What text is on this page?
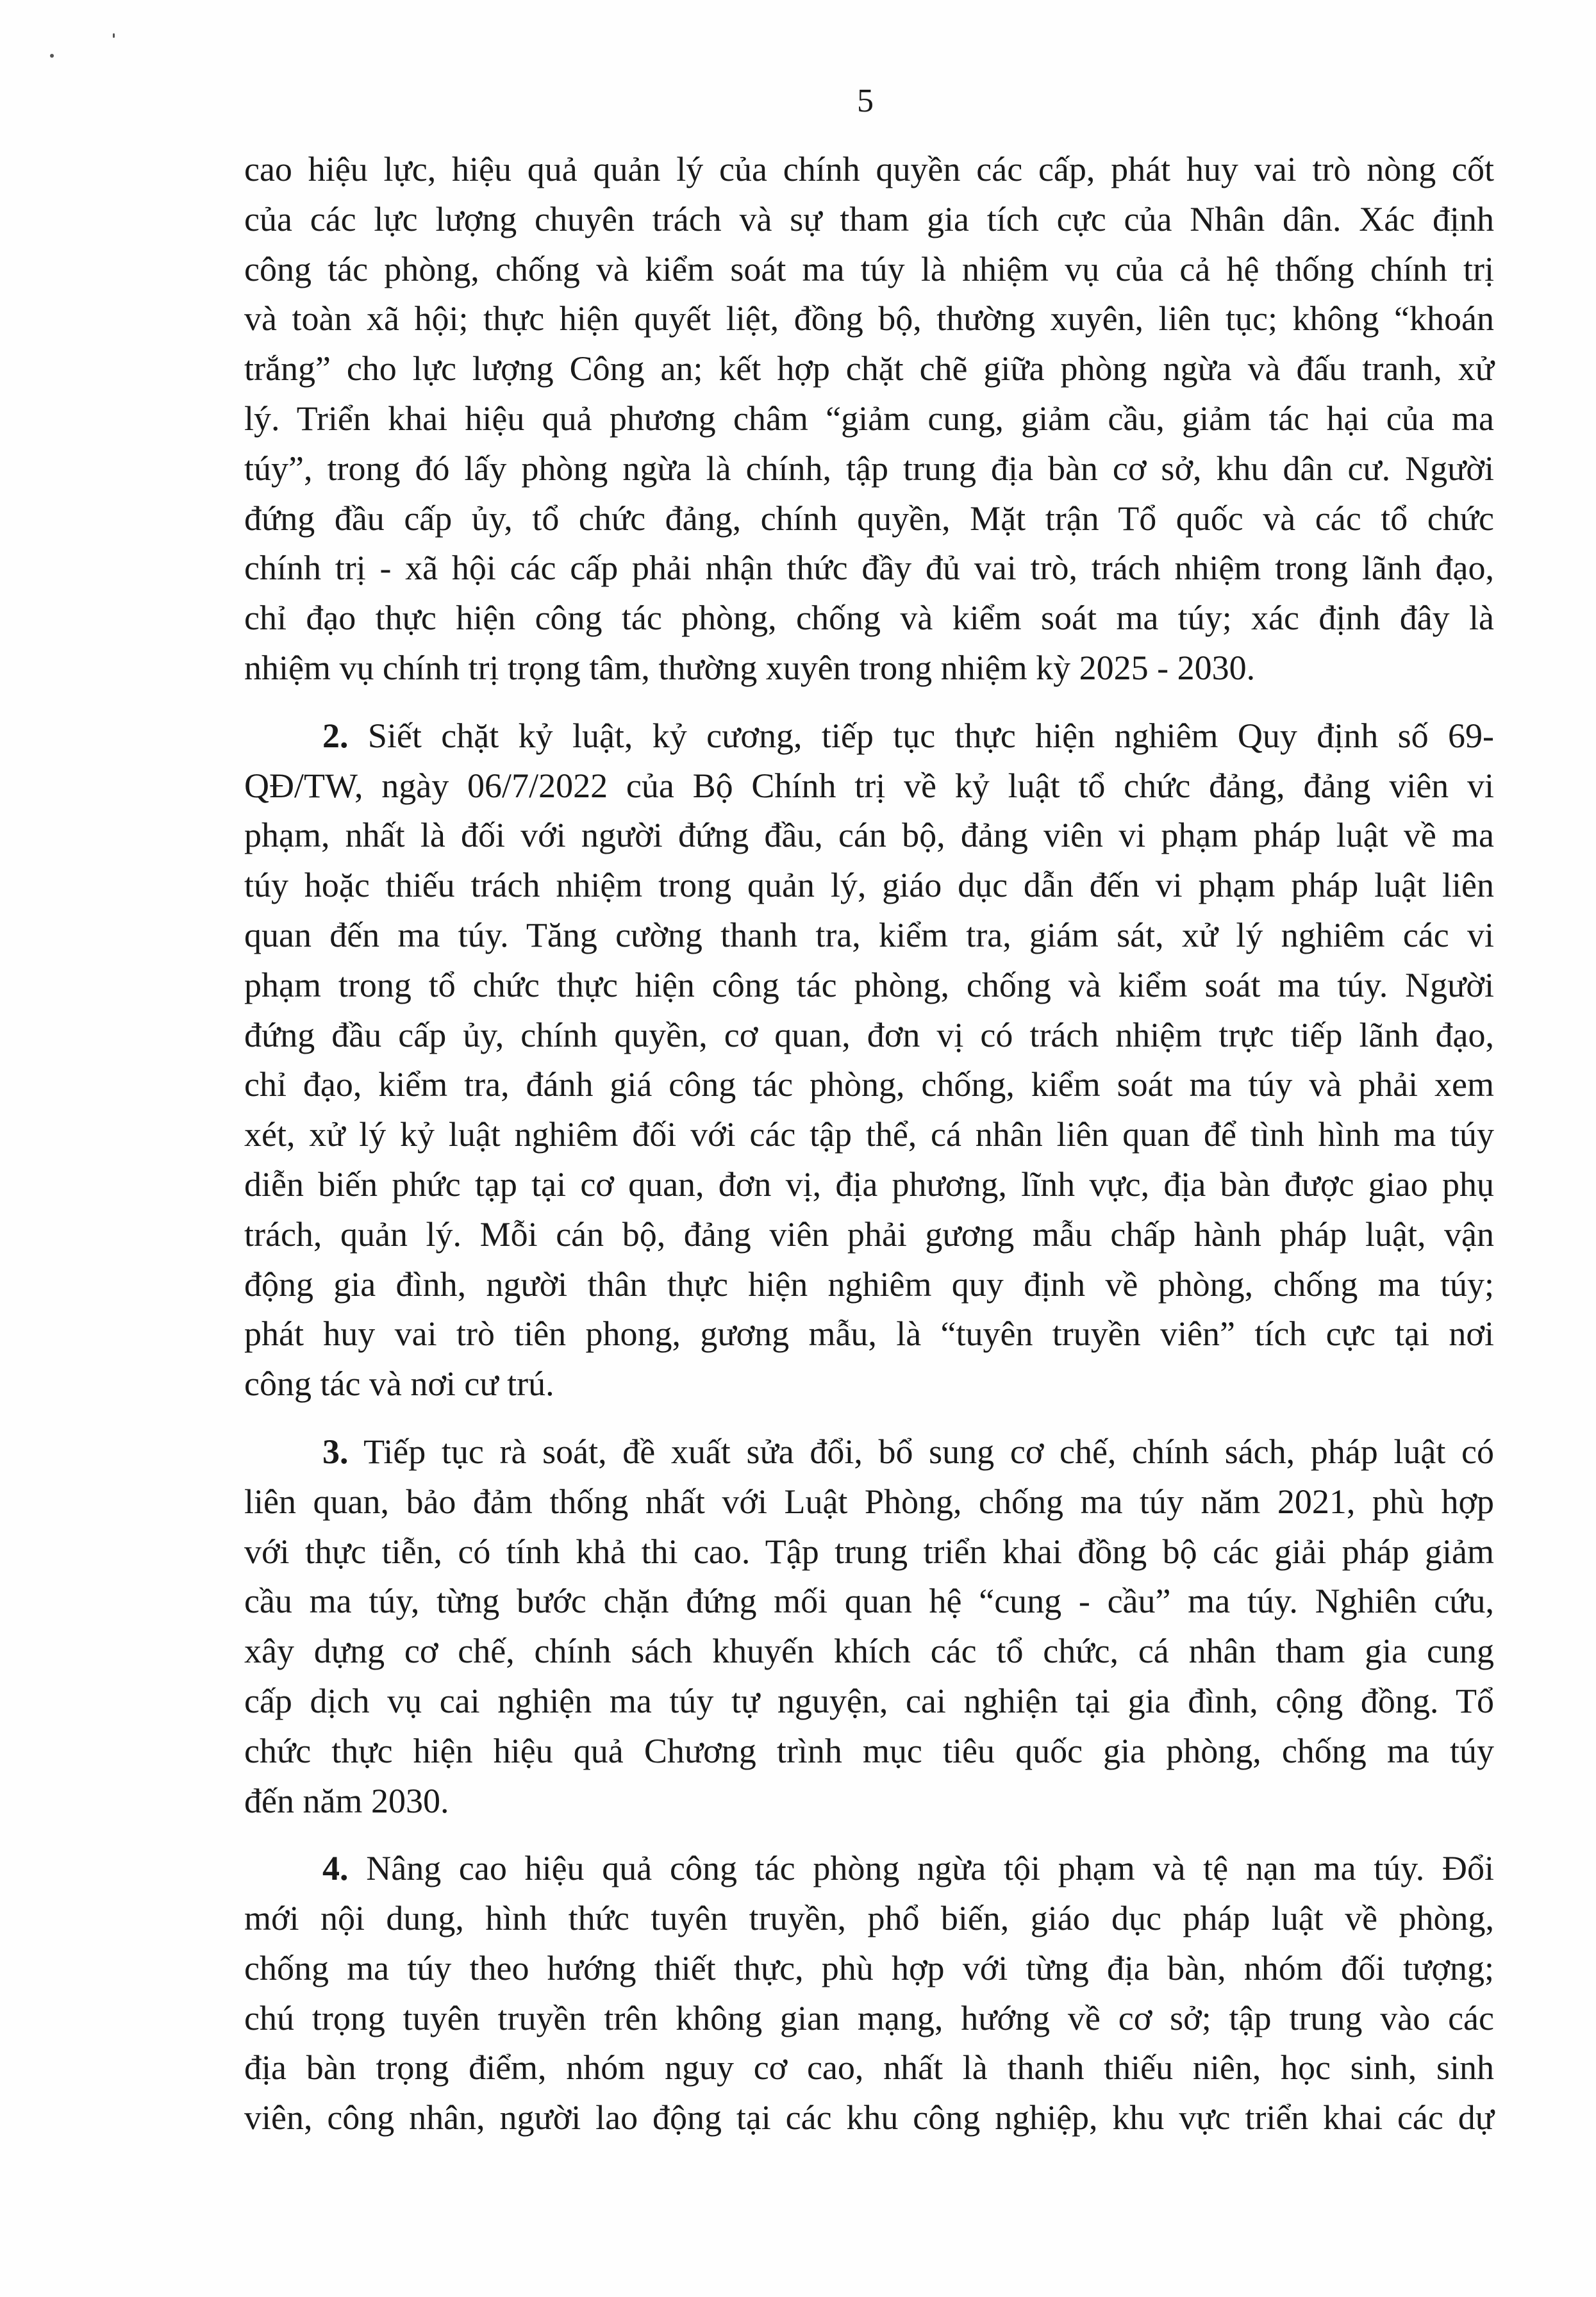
5
cao hiệu lực, hiệu quả quản lý của chính quyền các cấp, phát huy vai trò nòng cốt
của các lực lượng chuyên trách và sự tham gia tích cực của Nhân dân. Xác định
công tác phòng, chống và kiểm soát ma túy là nhiệm vụ của cả hệ thống chính trị
và toàn xã hội; thực hiện quyết liệt, đồng bộ, thường xuyên, liên tục; không “khoán
trắng” cho lực lượng Công an; kết hợp chặt chẽ giữa phòng ngừa và đấu tranh, xử
lý. Triển khai hiệu quả phương châm “giảm cung, giảm cầu, giảm tác hại của ma
túy”, trong đó lấy phòng ngừa là chính, tập trung địa bàn cơ sở, khu dân cư. Người
đứng đầu cấp ủy, tổ chức đảng, chính quyền, Mặt trận Tổ quốc và các tổ chức
chính trị - xã hội các cấp phải nhận thức đầy đủ vai trò, trách nhiệm trong lãnh đạo,
chỉ đạo thực hiện công tác phòng, chống và kiểm soát ma túy; xác định đây là
nhiệm vụ chính trị trọng tâm, thường xuyên trong nhiệm kỳ 2025 - 2030.
2. Siết chặt kỷ luật, kỷ cương, tiếp tục thực hiện nghiêm Quy định số 69-
QĐ/TW, ngày 06/7/2022 của Bộ Chính trị về kỷ luật tổ chức đảng, đảng viên vi
phạm, nhất là đối với người đứng đầu, cán bộ, đảng viên vi phạm pháp luật về ma
túy hoặc thiếu trách nhiệm trong quản lý, giáo dục dẫn đến vi phạm pháp luật liên
quan đến ma túy. Tăng cường thanh tra, kiểm tra, giám sát, xử lý nghiêm các vi
phạm trong tổ chức thực hiện công tác phòng, chống và kiểm soát ma túy. Người
đứng đầu cấp ủy, chính quyền, cơ quan, đơn vị có trách nhiệm trực tiếp lãnh đạo,
chỉ đạo, kiểm tra, đánh giá công tác phòng, chống, kiểm soát ma túy và phải xem
xét, xử lý kỷ luật nghiêm đối với các tập thể, cá nhân liên quan để tình hình ma túy
diễn biến phức tạp tại cơ quan, đơn vị, địa phương, lĩnh vực, địa bàn được giao phụ
trách, quản lý. Mỗi cán bộ, đảng viên phải gương mẫu chấp hành pháp luật, vận
động gia đình, người thân thực hiện nghiêm quy định về phòng, chống ma túy;
phát huy vai trò tiên phong, gương mẫu, là “tuyên truyền viên” tích cực tại nơi
công tác và nơi cư trú.
3. Tiếp tục rà soát, đề xuất sửa đổi, bổ sung cơ chế, chính sách, pháp luật có
liên quan, bảo đảm thống nhất với Luật Phòng, chống ma túy năm 2021, phù hợp
với thực tiễn, có tính khả thi cao. Tập trung triển khai đồng bộ các giải pháp giảm
cầu ma túy, từng bước chặn đứng mối quan hệ “cung - cầu” ma túy. Nghiên cứu,
xây dựng cơ chế, chính sách khuyến khích các tổ chức, cá nhân tham gia cung
cấp dịch vụ cai nghiện ma túy tự nguyện, cai nghiện tại gia đình, cộng đồng. Tổ
chức thực hiện hiệu quả Chương trình mục tiêu quốc gia phòng, chống ma túy
đến năm 2030.
4. Nâng cao hiệu quả công tác phòng ngừa tội phạm và tệ nạn ma túy. Đổi
mới nội dung, hình thức tuyên truyền, phổ biến, giáo dục pháp luật về phòng,
chống ma túy theo hướng thiết thực, phù hợp với từng địa bàn, nhóm đối tượng;
chú trọng tuyên truyền trên không gian mạng, hướng về cơ sở; tập trung vào các
địa bàn trọng điểm, nhóm nguy cơ cao, nhất là thanh thiếu niên, học sinh, sinh
viên, công nhân, người lao động tại các khu công nghiệp, khu vực triển khai các dự
